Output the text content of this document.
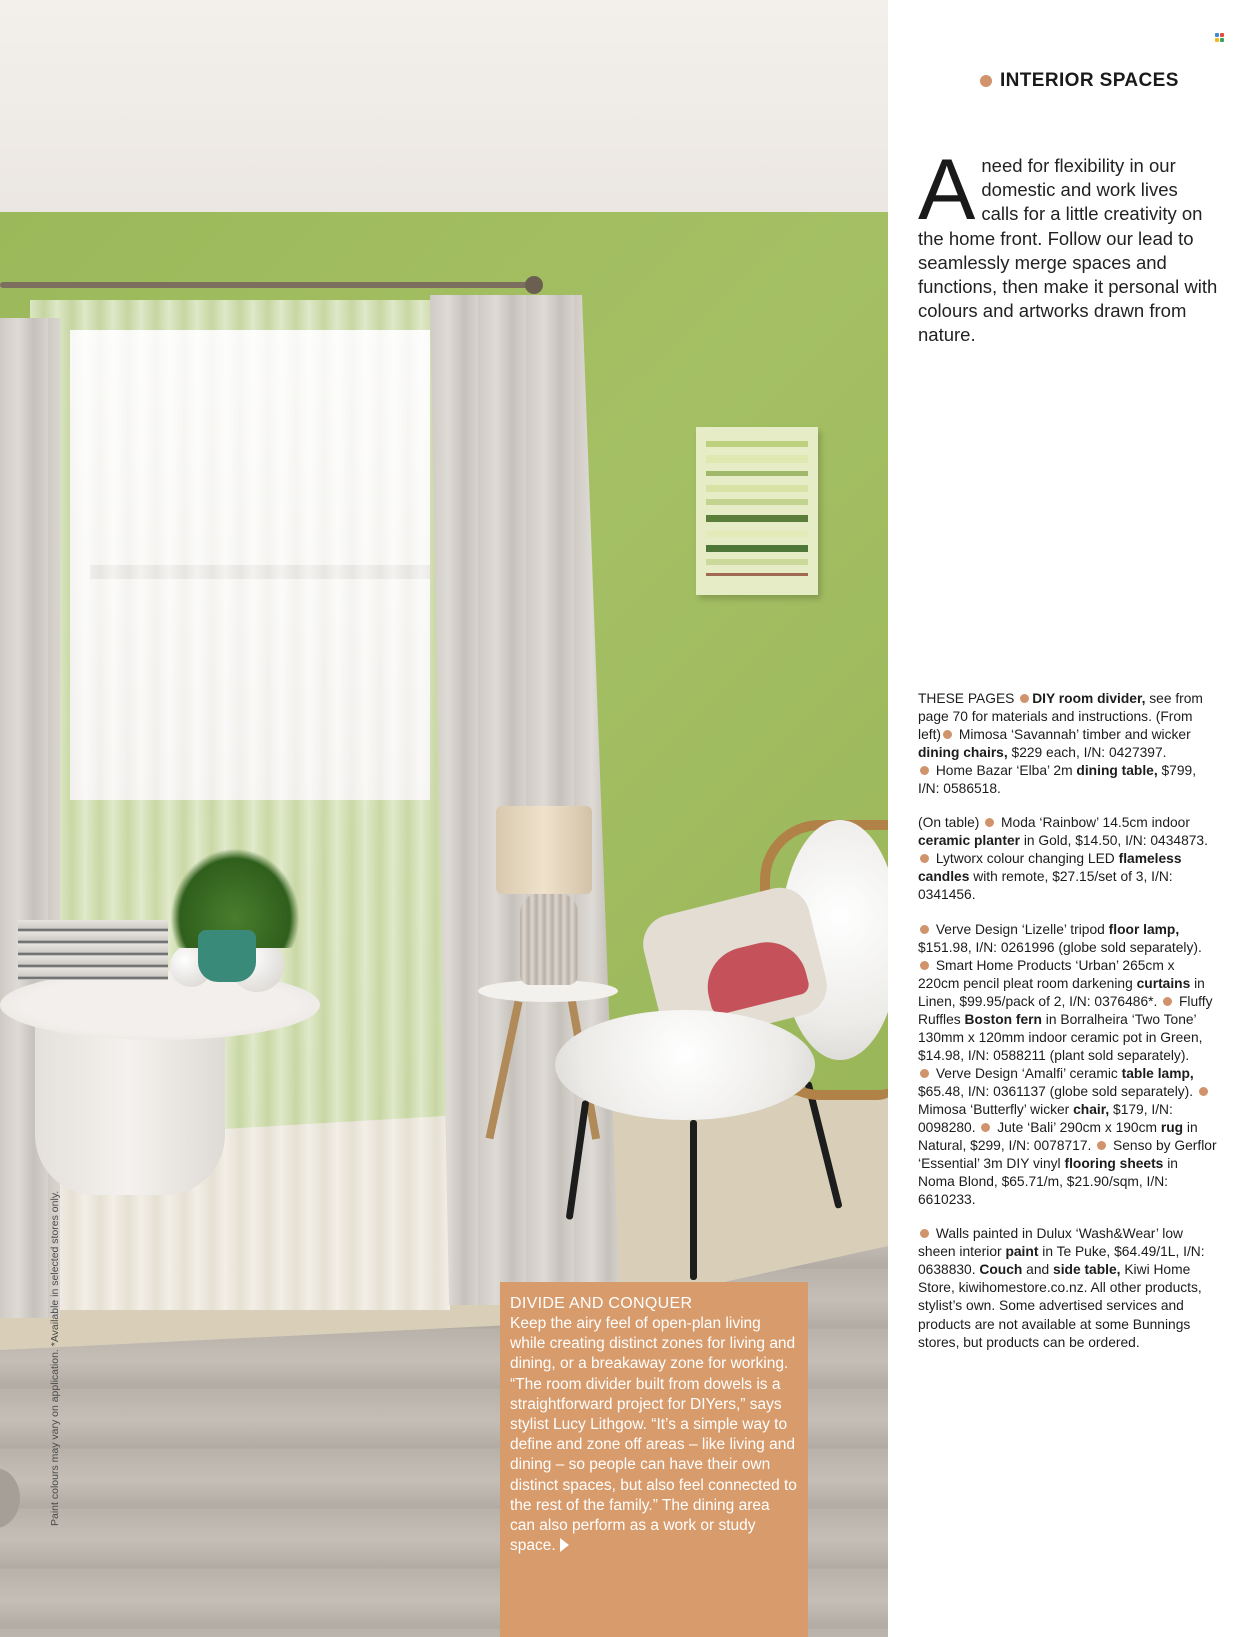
Paint colours may vary on application. *Available in selected stores only.	DIVIDE AND CONQUER

Keep the airy feel of open-plan living while creating distinct zones for living and dining, or a breakaway zone for working. “The room divider built from dowels is a straightforward project for DIYers,” says stylist Lucy Lithgow. “It’s a simple way to define and zone off areas – like living and dining – so people can have their own distinct spaces, but also feel connected to the rest of the family.” The dining area can also perform as a work or study space.

INTERIOR SPACES
A need for flexibility in our domestic and work lives calls for a little creativity on the home front. Follow our lead to seamlessly merge spaces and functions, then make it personal with colours and artworks drawn from nature.

THESE PAGES DIY room divider, see from page 70 for materials and instructions. (From left) Mimosa ‘Savannah’ timber and wicker dining chairs, $229 each, I/N: 0427397.
Home Bazar ‘Elba’ 2m dining table, $799, I/N: 0586518.

(On table)  Moda ‘Rainbow’ 14.5cm indoor ceramic planter in Gold, $14.50, I/N: 0434873.  Lytworx colour changing LED flameless candles with remote, $27.15/set of 3, I/N: 0341456.

Verve Design ‘Lizelle’ tripod floor lamp, $151.98, I/N: 0261996 (globe sold separately).  Smart Home Products ‘Urban’ 265cm x 220cm pencil pleat room darkening curtains in Linen, $99.95/pack of 2, I/N: 0376486*.  Fluffy Ruffles Boston fern in Borralheira ‘Two Tone’ 130mm x 120mm indoor ceramic pot in Green, $14.98, I/N: 0588211 (plant sold separately).
Verve Design ‘Amalfi’ ceramic table lamp, $65.48, I/N: 0361137 (globe sold separately).  Mimosa ‘Butterfly’ wicker chair, $179, I/N: 0098280.  Jute ‘Bali’ 290cm x 190cm rug in Natural, $299, I/N: 0078717.  Senso by Gerflor ‘Essential’ 3m DIY vinyl flooring sheets in Noma Blond, $65.71/m, $21.90/sqm, I/N: 6610233.

Walls painted in Dulux ‘Wash&Wear’ low sheen interior paint in Te Puke, $64.49/1L, I/N: 0638830. Couch and side table, Kiwi Home Store, kiwihomestore.co.nz. All other products, stylist’s own. Some advertised services and products are not available at some Bunnings stores, but products can be ordered.
